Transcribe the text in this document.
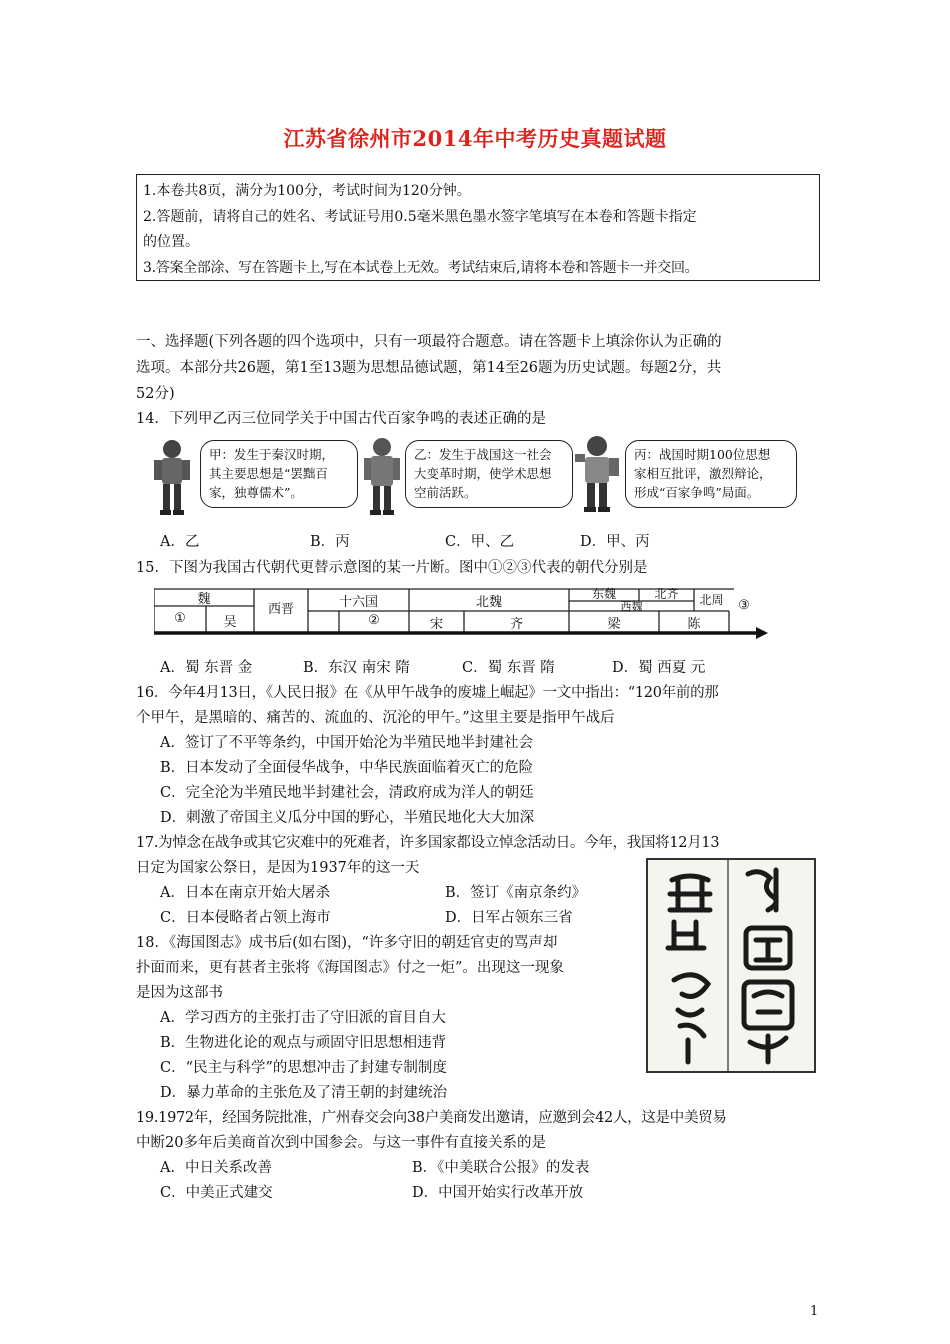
江苏省徐州市2014年中考历史真题试题
1.本卷共8页，满分为100分，考试时间为120分钟。
2.答题前，请将自己的姓名、考试证号用0.5毫米黑色墨水签字笔填写在本卷和答题卡指定
的位置。
3.答案全部涂、写在答题卡上,写在本试卷上无效。考试结束后,请将本卷和答题卡一并交回。
一、选择题(下列各题的四个选项中，只有一项最符合题意。请在答题卡上填涂你认为正确的
选项。本部分共26题，第1至13题为思想品德试题，第14至26题为历史试题。每题2分，共
52分)
14．下列甲乙丙三位同学关于中国古代百家争鸣的表述正确的是
甲：发生于秦汉时期，
其主要思想是“罢黜百
家，独尊儒术”。
乙：发生于战国这一社会
大变革时期，使学术思想
空前活跃。
丙：战国时期100位思想
家相互批评，激烈辩论，
形成“百家争鸣”局面。
A．乙	B．丙	C．甲、乙	D．甲、丙
15．下图为我国古代朝代更替示意图的某一片断。图中①②③代表的朝代分别是
魏
西晋	十六国	北魏
东魏	北齐
西魏	北周	③
①	吴	②	宋	齐	梁	陈
A．蜀 东晋 金	B．东汉 南宋 隋	C．蜀 东晋 隋	D．蜀 西夏 元
16．今年4月13日，《人民日报》在《从甲午战争的废墟上崛起》一文中指出：“120年前的那
个甲午，是黑暗的、痛苦的、流血的、沉沦的甲午。”这里主要是指甲午战后
A．签订了不平等条约，中国开始沦为半殖民地半封建社会
B．日本发动了全面侵华战争，中华民族面临着灭亡的危险
C．完全沦为半殖民地半封建社会，清政府成为洋人的朝廷
D．刺激了帝国主义瓜分中国的野心，半殖民地化大大加深
17.为悼念在战争或其它灾难中的死难者，许多国家都设立悼念活动日。今年，我国将12月13
日定为国家公祭日，是因为1937年的这一天
A．日本在南京开始大屠杀	B．签订《南京条约》
C．日本侵略者占领上海市	D．日军占领东三省
18．《海国图志》成书后(如右图)，“许多守旧的朝廷官吏的骂声却
扑面而来，更有甚者主张将《海国图志》付之一炬”。出现这一现象
是因为这部书
A．学习西方的主张打击了守旧派的盲目自大
B．生物进化论的观点与顽固守旧思想相违背
C．“民主与科学”的思想冲击了封建专制制度
D．暴力革命的主张危及了清王朝的封建统治
19.1972年，经国务院批准，广州春交会向38户美商发出邀请，应邀到会42人，这是中美贸易
中断20多年后美商首次到中国参会。与这一事件有直接关系的是
A．中日关系改善	B．《中美联合公报》的发表
C．中美正式建交	D．中国开始实行改革开放
1
